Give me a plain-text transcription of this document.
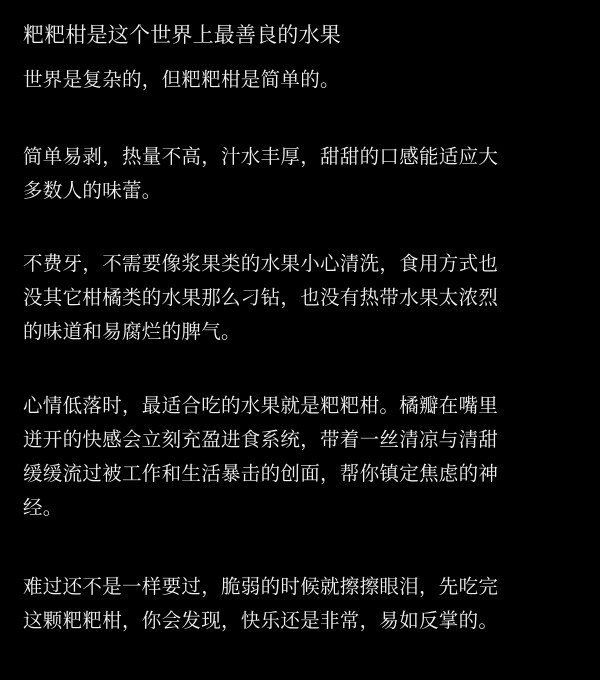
粑粑柑是这个世界上最善良的水果

世界是复杂的，但粑粑柑是简单的。

简单易剥，热量不高，汁水丰厚，甜甜的口感能适应大
多数人的味蕾。

不费牙，不需要像浆果类的水果小心清洗，食用方式也
没其它柑橘类的水果那么刁钻，也没有热带水果太浓烈
的味道和易腐烂的脾气。

心情低落时，最适合吃的水果就是粑粑柑。橘瓣在嘴里
迸开的快感会立刻充盈进食系统，带着一丝清凉与清甜
缓缓流过被工作和生活暴击的创面，帮你镇定焦虑的神
经。

难过还不是一样要过，脆弱的时候就擦擦眼泪，先吃完
这颗粑粑柑，你会发现，快乐还是非常，易如反掌的。
